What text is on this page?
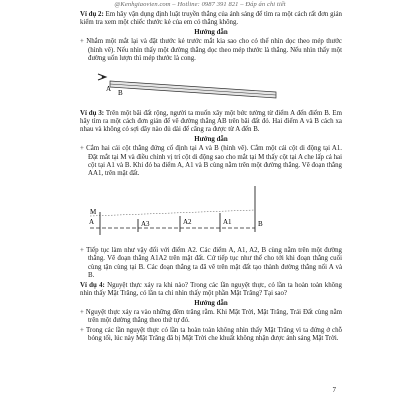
@Kenhgiaovien.com – Hotline: 0987 391 821 – Đáp án chi tiết

Ví dụ 2: Em hãy vận dụng định luật truyền thẳng của ánh sáng để tìm ra một cách rất đơn giản kiểm tra xem một chiếc thước kẻ của em có thẳng không.

Hướng dẫn

+ Nhắm một mắt lại và đặt thước kẻ trước mắt kia sao cho có thể nhìn dọc theo mép thước (hình vẽ). Nếu nhìn thấy một đường thẳng dọc theo mép thước là thẳng. Nếu nhìn thấy một đường uốn lượn thì mép thước là cong.

A B

Ví dụ 3: Trên một bãi đất rộng, người ta muốn xây một bức tường từ điểm A đến điểm B. Em hãy tìm ra một cách đơn giản để vẽ đường thẳng AB trên bãi đất đó. Hai điểm A và B cách xa nhau và không có sợi dây nào đủ dài để căng ra được từ A đến B.

Hướng dẫn

+ Cắm hai cái cột thẳng đứng cố định tại A và B (hình vẽ). Cắm một cái cột di động tại A1. Đặt mắt tại M và điều chỉnh vị trí cột di động sao cho mắt tại M thấy cột tại A che lấp cả hai cột tại A1 và B. Khi đó ba điểm A, A1 và B cùng nằm trên một đường thẳng. Vẽ đoạn thẳng AA1, trên mặt đất.

M
A	A3	A2	A1	B

+ Tiếp tục làm như vậy đối với điểm A2. Các điểm A, A1, A2, B cùng nằm trên một đường thẳng. Vẽ đoạn thẳng A1A2 trên mặt đất. Cứ tiếp tục như thế cho tới khi đoạn thẳng cuối cùng tận cùng tại B. Các đoạn thẳng ta đã vẽ trên mặt đất tạo thành đường thẳng nối A và B.

Ví dụ 4: Nguyệt thực xảy ra khi nào? Trong các lần nguyệt thực, có lần ta hoàn toàn không nhìn thấy Mặt Trăng, có lần ta chỉ nhìn thấy một phần Mặt Trăng? Tại sao?

Hướng dẫn

+ Nguyệt thực xảy ra vào những đêm trăng rằm. Khi Mặt Trời, Mặt Trăng, Trái Đất cùng nằm trên một đường thẳng theo thứ tự đó.

+ Trong các lần nguyệt thực có lần ta hoàn toàn không nhìn thấy Mặt Trăng vì ta đứng ở chỗ bóng tối, lúc này Mặt Trăng đã bị Mặt Trời che khuất không nhận được ánh sáng Mặt Trời.

7
